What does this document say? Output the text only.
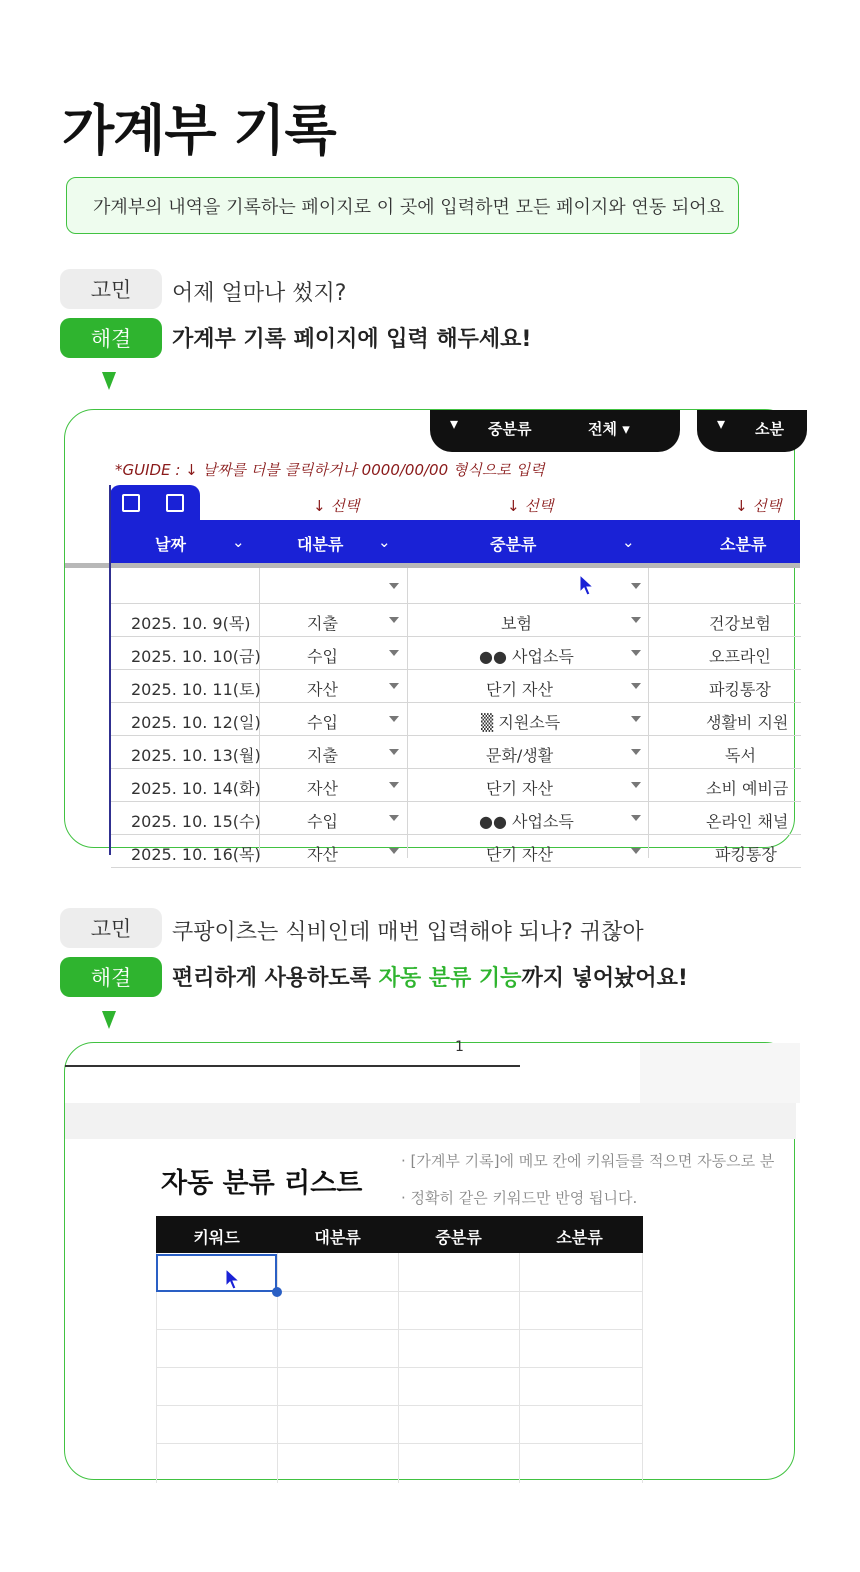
가계부 기록
가계부의 내역을 기록하는 페이지로 이 곳에 입력하면 모든 페이지와 연동 되어요
고민	어제 얼마나 썼지?
해결	가계부 기록 페이지에 입력 해두세요!
▾ 중분류	전체 ▾	▾ 소분
*GUIDE : ↓ 날짜를 더블 클릭하거나 0000/00/00 형식으로 입력
↓ 선택	↓ 선택	↓ 선택
날짜	⌄	대분류 ⌄	중분류	⌄	소분류
2025. 10. 9(목)	지출	보험	건강보험
2025. 10. 10(금)	수입	●● 사업소득	오프라인
2025. 10. 11(토)	자산	단기 자산	파킹통장
2025. 10. 12(일)	수입	▒ 지원소득	생활비 지원
2025. 10. 13(월)	지출	문화/생활	독서
2025. 10. 14(화)	자산	단기 자산	소비 예비금
2025. 10. 15(수)	수입	●● 사업소득	온라인 채널
2025. 10. 16(목)	자산	단기 자산	파킹통장
고민	쿠팡이츠는 식비인데 매번 입력해야 되나? 귀찮아
해결	편리하게 사용하도록 자동 분류 기능까지 넣어놨어요!
1
자동 분류 리스트
· [가계부 기록]에 메모 칸에 키워들를 적으면 자동으로 분
· 정확히 같은 키워드만 반영 됩니다.
키워드	대분류	중분류	소분류
